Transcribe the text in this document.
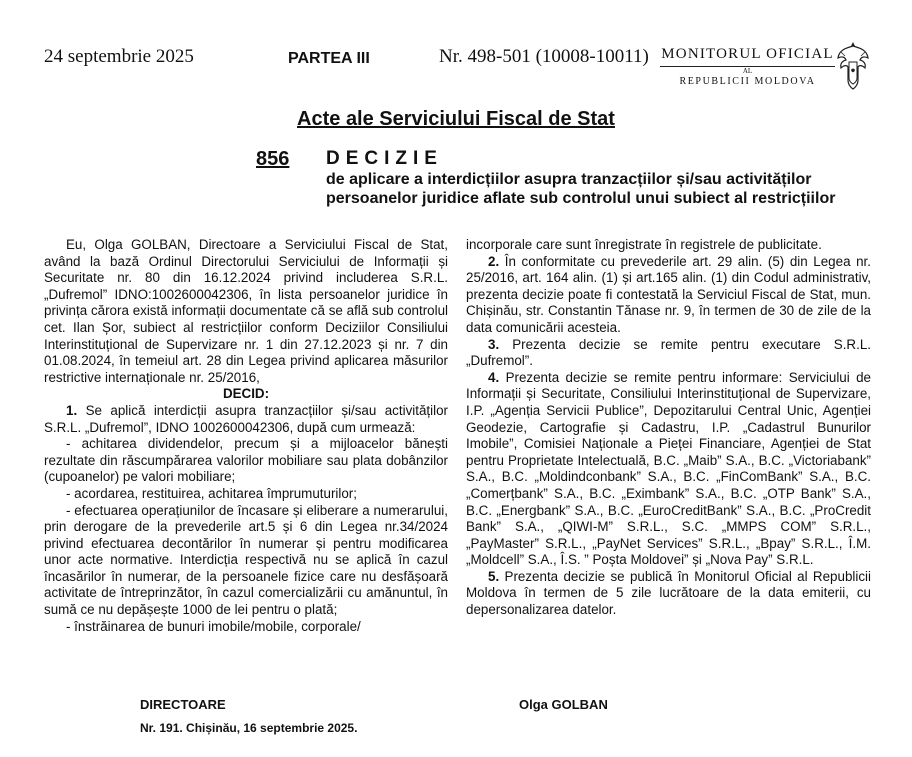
24 septembrie 2025	PARTEA III	Nr. 498-501 (10008-10011) MONITORUL OFICIAL
AL
REPUBLICII MOLDOVA
Acte ale Serviciului Fiscal de Stat
856 DECIZIE
de aplicare a interdicțiilor asupra tranzacțiilor și/sau activităților persoanelor juridice aflate sub controlul unui subiect al restricțiilor

Eu, Olga GOLBAN, Directoare a Serviciului Fiscal de Stat, având la bază Ordinul Directorului Serviciului de Informații și Securitate nr. 80 din 16.12.2024 privind includerea S.R.L. „Dufremol” IDNO:1002600042306, în lista persoanelor juridice în privința cărora există informații documentate că se află sub controlul cet. Ilan Șor, subiect al restricțiilor conform Deciziilor Consiliului Interinstituțional de Supervizare nr. 1 din 27.12.2023 și nr. 7 din 01.08.2024, în temeiul art. 28 din Legea privind aplicarea măsurilor restrictive internaționale nr. 25/2016,

DECID:

1. Se aplică interdicții asupra tranzacțiilor și/sau activităților S.R.L. „Dufremol”, IDNO 1002600042306, după cum urmează:

- achitarea dividendelor, precum și a mijloacelor bănești rezultate din răscumpărarea valorilor mobiliare sau plata dobânzilor (cupoanelor) pe valori mobiliare;

- acordarea, restituirea, achitarea împrumuturilor;

- efectuarea operațiunilor de încasare și eliberare a numerarului, prin derogare de la prevederile art.5 și 6 din Legea nr.34/2024 privind efectuarea decontărilor în numerar și pentru modificarea unor acte normative. Interdicția respectivă nu se aplică în cazul încasărilor în numerar, de la persoanele fizice care nu desfășoară activitate de întreprinzător, în cazul comercializării cu amănuntul, în sumă ce nu depășește 1000 de lei pentru o plată;

- înstrăinarea de bunuri imobile/mobile, corporale/

incorporale care sunt înregistrate în registrele de publicitate.

2. În conformitate cu prevederile art. 29 alin. (5) din Legea nr. 25/2016, art. 164 alin. (1) și art.165 alin. (1) din Codul administrativ, prezenta decizie poate fi contestată la Serviciul Fiscal de Stat, mun. Chișinău, str. Constantin Tănase nr. 9, în termen de 30 de zile de la data comunicării acesteia.

3. Prezenta decizie se remite pentru executare S.R.L. „Dufremol”.

4. Prezenta decizie se remite pentru informare: Serviciului de Informații și Securitate, Consiliului Interinstituțional de Supervizare, I.P. „Agenția Servicii Publice”, Depozitarului Central Unic, Agenției Geodezie, Cartografie și Cadastru, I.P. „Cadastrul Bunurilor Imobile”, Comisiei Naționale a Pieței Financiare, Agenției de Stat pentru Proprietate Intelectuală, B.C. „Maib” S.A., B.C. „Victoriabank” S.A., B.C. „Moldindconbank” S.A., B.C. „FinComBank” S.A., B.C. „Comerțbank” S.A., B.C. „Eximbank” S.A., B.C. „OTP Bank” S.A., B.C. „Energbank” S.A., B.C. „EuroCreditBank” S.A., B.C. „ProCredit Bank” S.A., „QIWI-M” S.R.L., S.C. „MMPS COM” S.R.L., „PayMaster” S.R.L., „PayNet Services” S.R.L., „Bpay” S.R.L., Î.M. „Moldcell” S.A., Î.S. ” Poșta Moldovei” și „Nova Pay” S.R.L.

5. Prezenta decizie se publică în Monitorul Oficial al Republicii Moldova în termen de 5 zile lucrătoare de la data emiterii, cu depersonalizarea datelor.

DIRECTOARE	Olga GOLBAN
Nr. 191. Chișinău, 16 septembrie 2025.
